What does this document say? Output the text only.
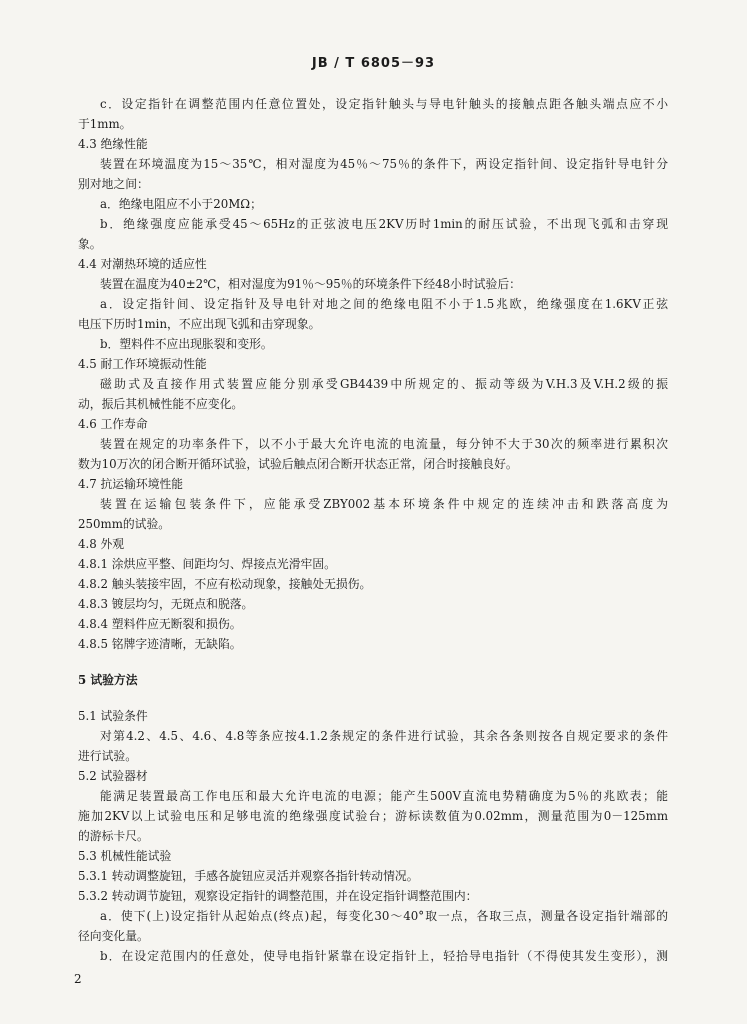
JB / T 6805－93
c．设定指针在调整范围内任意位置处，设定指针触头与导电针触头的接触点距各触头端点应不小
于1mm。
4.3 绝缘性能
装置在环境温度为15～35℃，相对湿度为45％～75％的条件下，两设定指针间、设定指针导电针分
别对地之间：
a．绝缘电阻应不小于20MΩ；
b．绝缘强度应能承受45～65Hz的正弦波电压2KV历时1min的耐压试验，不出现飞弧和击穿现
象。
4.4 对潮热环境的适应性
装置在温度为40±2℃，相对湿度为91％～95％的环境条件下经48小时试验后：
a．设定指针间、设定指针及导电针对地之间的绝缘电阻不小于1.5兆欧，绝缘强度在1.6KV正弦
电压下历时1min，不应出现飞弧和击穿现象。
b．塑料件不应出现胀裂和变形。
4.5 耐工作环境振动性能
磁助式及直接作用式装置应能分别承受GB4439中所规定的、振动等级为V.H.3及V.H.2级的振
动，振后其机械性能不应变化。
4.6 工作寿命
装置在规定的功率条件下，以不小于最大允许电流的电流量，每分钟不大于30次的频率进行累积次
数为10万次的闭合断开循环试验，试验后触点闭合断开状态正常，闭合时接触良好。
4.7 抗运输环境性能
装置在运输包装条件下，应能承受ZBY002基本环境条件中规定的连续冲击和跌落高度为
250mm的试验。
4.8 外观
4.8.1 涂烘应平整、间距均匀、焊接点光滑牢固。
4.8.2 触头装接牢固，不应有松动现象，接触处无损伤。
4.8.3 镀层均匀，无斑点和脱落。
4.8.4 塑料件应无断裂和损伤。
4.8.5 铭牌字迹清晰，无缺陷。
5 试验方法
5.1 试验条件
对第4.2、4.5、4.6、4.8等条应按4.1.2条规定的条件进行试验，其余各条则按各自规定要求的条件
进行试验。
5.2 试验器材
能满足装置最高工作电压和最大允许电流的电源；能产生500V直流电势精确度为5％的兆欧表；能
施加2KV以上试验电压和足够电流的绝缘强度试验台；游标读数值为0.02mm，测量范围为0－125mm
的游标卡尺。
5.3 机械性能试验
5.3.1 转动调整旋钮，手感各旋钮应灵活并观察各指针转动情况。
5.3.2 转动调节旋钮，观察设定指针的调整范围，并在设定指针调整范围内：
a．使下(上)设定指针从起始点(终点)起，每变化30～40°取一点，各取三点，测量各设定指针端部的
径向变化量。
b．在设定范围内的任意处，使导电指针紧靠在设定指针上，轻拾导电指针（不得使其发生变形），测
2
